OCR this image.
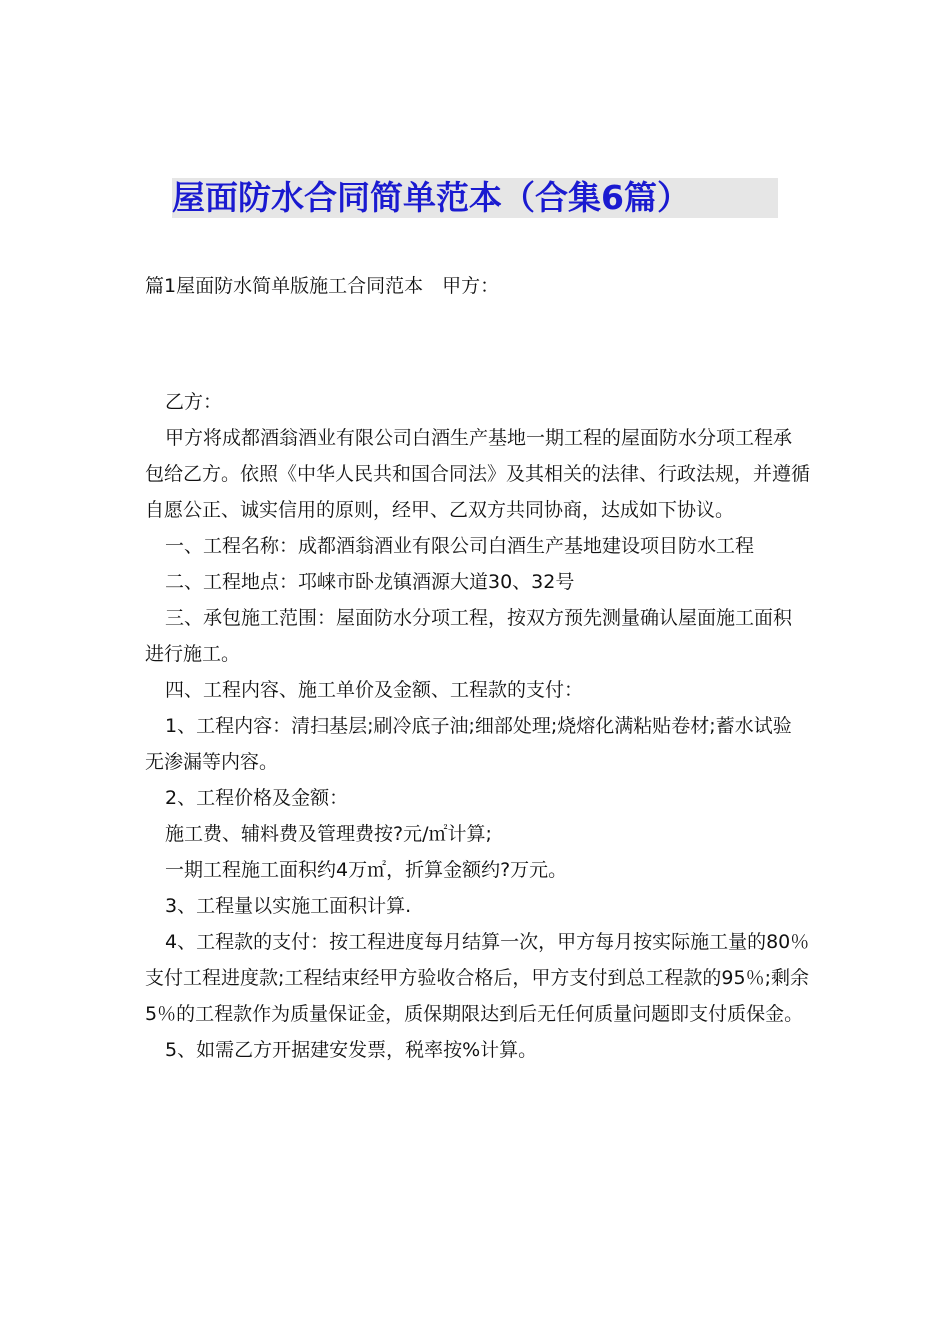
屋面防水合同简单范本（合集6篇）

篇1屋面防水简单版施工合同范本　甲方：

乙方：

甲方将成都酒翁酒业有限公司白酒生产基地一期工程的屋面防水分项工程承包给乙方。依照《中华人民共和国合同法》及其相关的法律、行政法规，并遵循自愿公正、诚实信用的原则，经甲、乙双方共同协商，达成如下协议。

一、工程名称：成都酒翁酒业有限公司白酒生产基地建设项目防水工程

二、工程地点：邛崃市卧龙镇酒源大道30、32号

三、承包施工范围：屋面防水分项工程，按双方预先测量确认屋面施工面积进行施工。

四、工程内容、施工单价及金额、工程款的支付：

1、工程内容：清扫基层;刷冷底子油;细部处理;烧熔化满粘贴卷材;蓄水试验无渗漏等内容。

2、工程价格及金额：

施工费、辅料费及管理费按?元/㎡计算;

一期工程施工面积约4万㎡，折算金额约?万元。

3、工程量以实施工面积计算.

4、工程款的支付：按工程进度每月结算一次，甲方每月按实际施工量的80％支付工程进度款;工程结束经甲方验收合格后，甲方支付到总工程款的95％;剩余5％的工程款作为质量保证金，质保期限达到后无任何质量问题即支付质保金。

5、如需乙方开据建安发票，税率按%计算。
